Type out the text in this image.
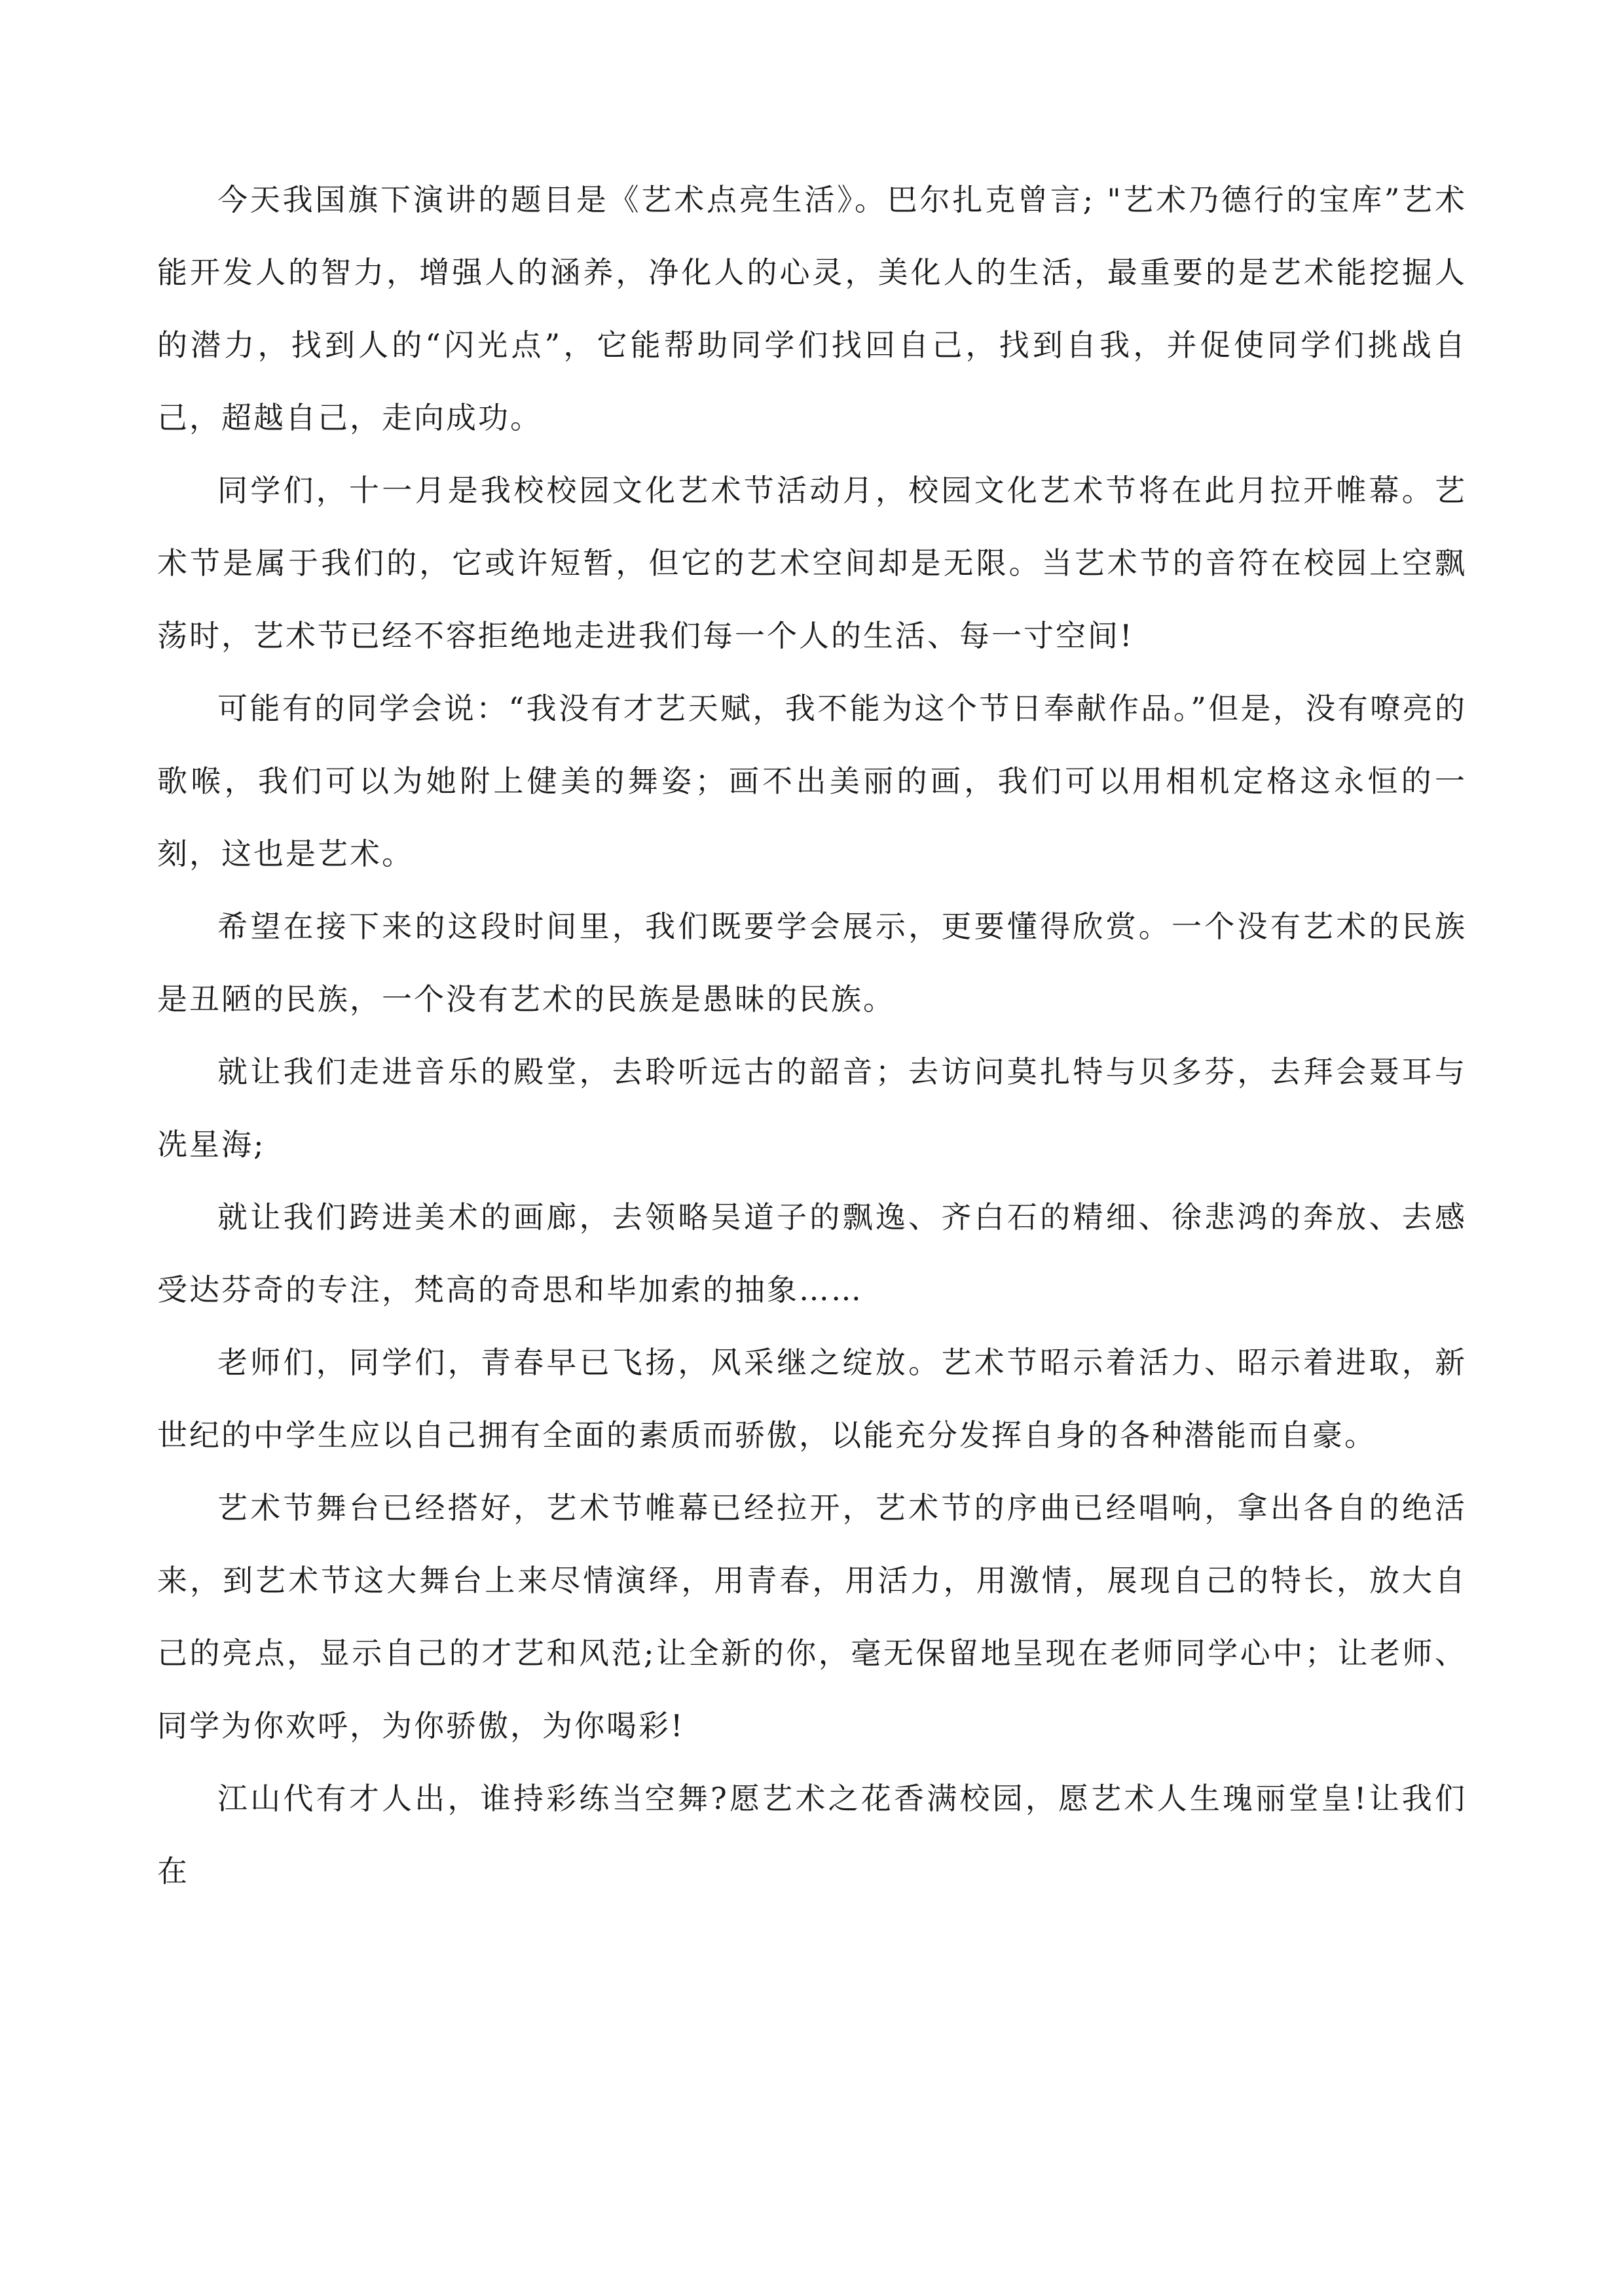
今天我国旗下演讲的题目是《艺术点亮生活》。巴尔扎克曾言; "艺术乃德行的宝库”艺术能开发人的智力，增强人的涵养，净化人的心灵，美化人的生活，最重要的是艺术能挖掘人的潜力，找到人的“闪光点”，它能帮助同学们找回自己，找到自我，并促使同学们挑战自己，超越自己，走向成功。

同学们，十一月是我校校园文化艺术节活动月，校园文化艺术节将在此月拉开帷幕。艺术节是属于我们的，它或许短暂，但它的艺术空间却是无限。当艺术节的音符在校园上空飘荡时，艺术节已经不容拒绝地走进我们每一个人的生活、每一寸空间!

可能有的同学会说：“我没有才艺天赋，我不能为这个节日奉献作品。”但是，没有嘹亮的歌喉，我们可以为她附上健美的舞姿；画不出美丽的画，我们可以用相机定格这永恒的一刻，这也是艺术。

希望在接下来的这段时间里，我们既要学会展示，更要懂得欣赏。一个没有艺术的民族是丑陋的民族，一个没有艺术的民族是愚昧的民族。

就让我们走进音乐的殿堂，去聆听远古的韶音；去访问莫扎特与贝多芬，去拜会聂耳与冼星海;

就让我们跨进美术的画廊，去领略吴道子的飘逸、齐白石的精细、徐悲鸿的奔放、去感受达芬奇的专注，梵高的奇思和毕加索的抽象……

老师们，同学们，青春早已飞扬，风采继之绽放。艺术节昭示着活力、昭示着进取，新世纪的中学生应以自己拥有全面的素质而骄傲，以能充分发挥自身的各种潜能而自豪。

艺术节舞台已经搭好，艺术节帷幕已经拉开，艺术节的序曲已经唱响，拿出各自的绝活来，到艺术节这大舞台上来尽情演绎，用青春，用活力，用激情，展现自己的特长，放大自己的亮点，显示自己的才艺和风范;让全新的你，毫无保留地呈现在老师同学心中；让老师、同学为你欢呼，为你骄傲，为你喝彩!

江山代有才人出，谁持彩练当空舞?愿艺术之花香满校园，愿艺术人生瑰丽堂皇!让我们在
